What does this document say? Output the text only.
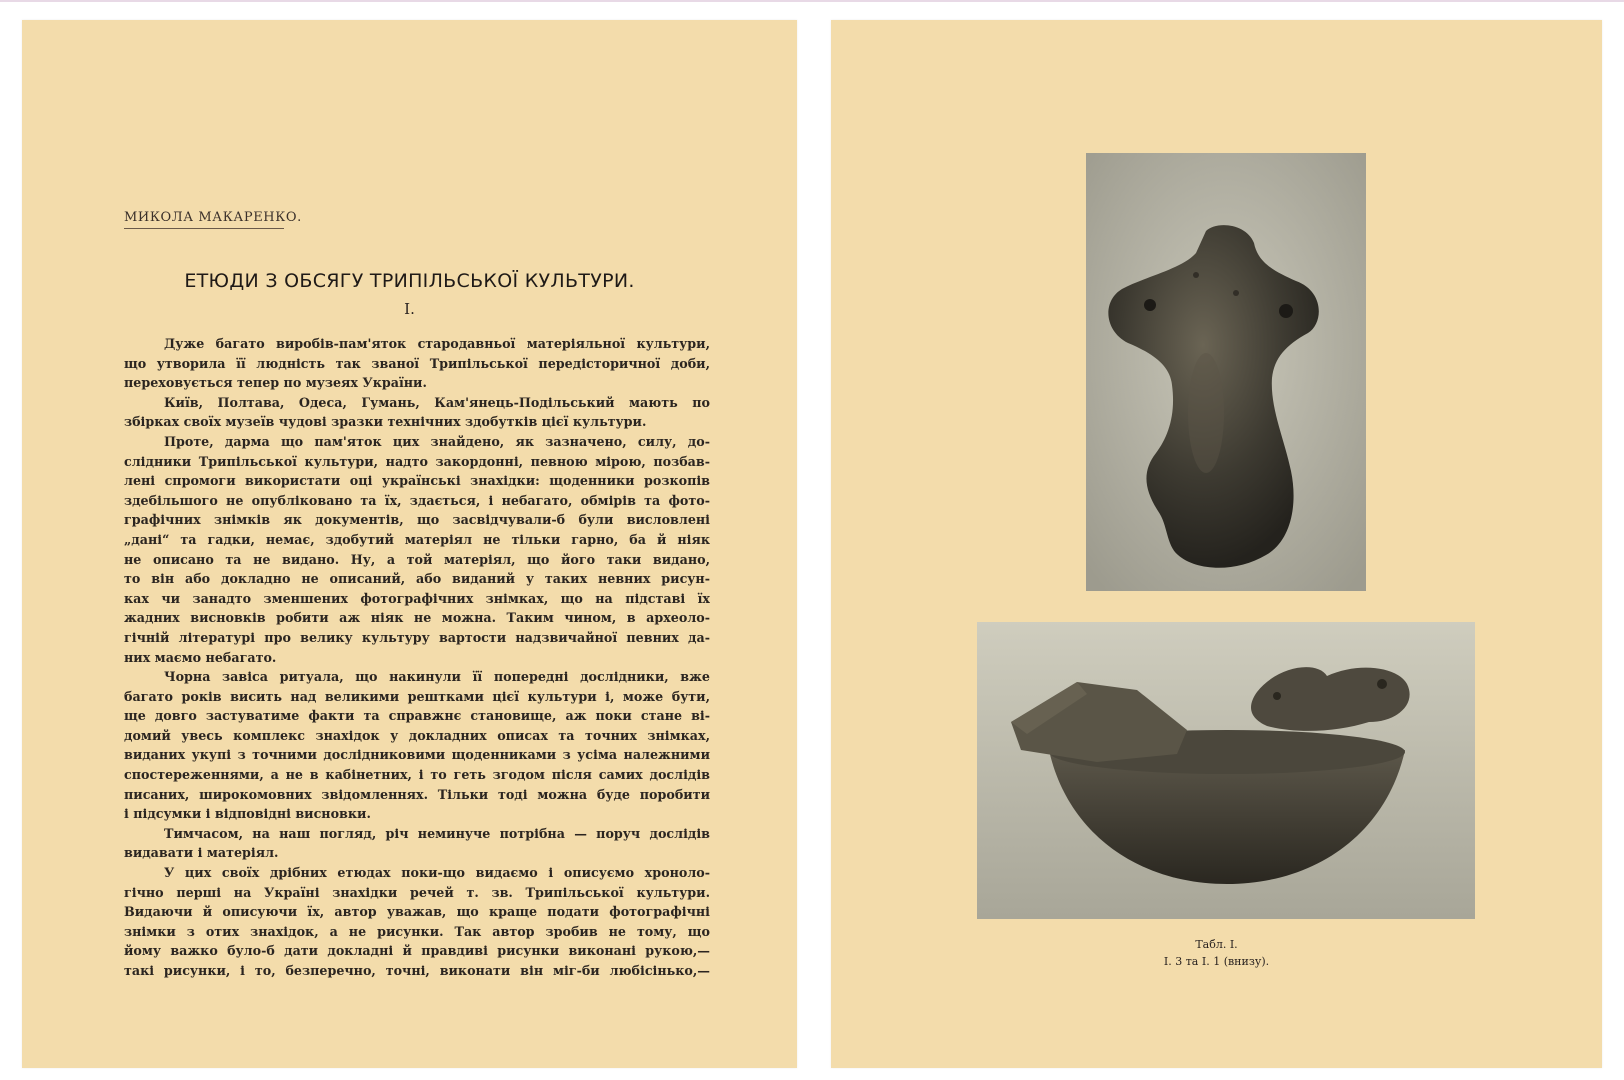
МИКОЛА МАКАРЕНКО.
ЕТЮДИ З ОБСЯГУ ТРИПІЛЬСЬКОЇ КУЛЬТУРИ.
I.
Дуже багато виробів-пам'яток стародавньої матеріяльної культури,
що утворила її людність так званої Трипільської передісторичної доби,
переховується тепер по музеях України.
Київ, Полтава, Одеса, Гумань, Кам'янець-Подільський мають по
збірках своїх музеїв чудові зразки технічних здобутків цієї культури.
Проте, дарма що пам'яток цих знайдено, як зазначено, силу, до-
слідники Трипільської культури, надто закордонні, певною мірою, позбав-
лені спромоги використати оці українські знахідки: щоденники розкопів
здебільшого не опубліковано та їх, здається, і небагато, обмірів та фото-
графічних знімків як документів, що засвідчували-б були висловлені
„дані“ та гадки, немає, здобутий матеріял не тільки гарно, ба й ніяк
не описано та не видано. Ну, а той матеріял, що його таки видано,
то він або докладно не описаний, або виданий у таких невних рисун-
ках чи занадто зменшених фотографічних знімках, що на підставі їх
жадних висновків робити аж ніяк не можна. Таким чином, в археоло-
гічній літературі про велику культуру вартости надзвичайної певних да-
них маємо небагато.
Чорна завіса ритуала, що накинули її попередні дослідники, вже
багато років висить над великими рештками цієї культури і, може бути,
ще довго застуватиме факти та справжнє становище, аж поки стане ві-
домий увесь комплекс знахідок у докладних описах та точних знімках,
виданих укупі з точними дослідниковими щоденниками з усіма належними
спостереженнями, а не в кабінетних, і то геть згодом після самих дослідів
писаних, широкомовних звідомленнях. Тільки тоді можна буде поробити
і підсумки і відповідні висновки.
Тимчасом, на наш погляд, річ неминуче потрібна — поруч дослідів
видавати і матеріял.
У цих своїх дрібних етюдах поки-що видаємо і описуємо хроноло-
гічно перші на Україні знахідки речей т. зв. Трипільської культури.
Видаючи й описуючи їх, автор уважав, що краще подати фотографічні
знімки з отих знахідок, а не рисунки. Так автор зробив не тому, що
йому важко було-б дати докладні й правдиві рисунки виконані рукою,—
такі рисунки, і то, безперечно, точні, виконати він міг-би любісінько,—
Табл. I.
I. 3 та I. 1 (внизу).
